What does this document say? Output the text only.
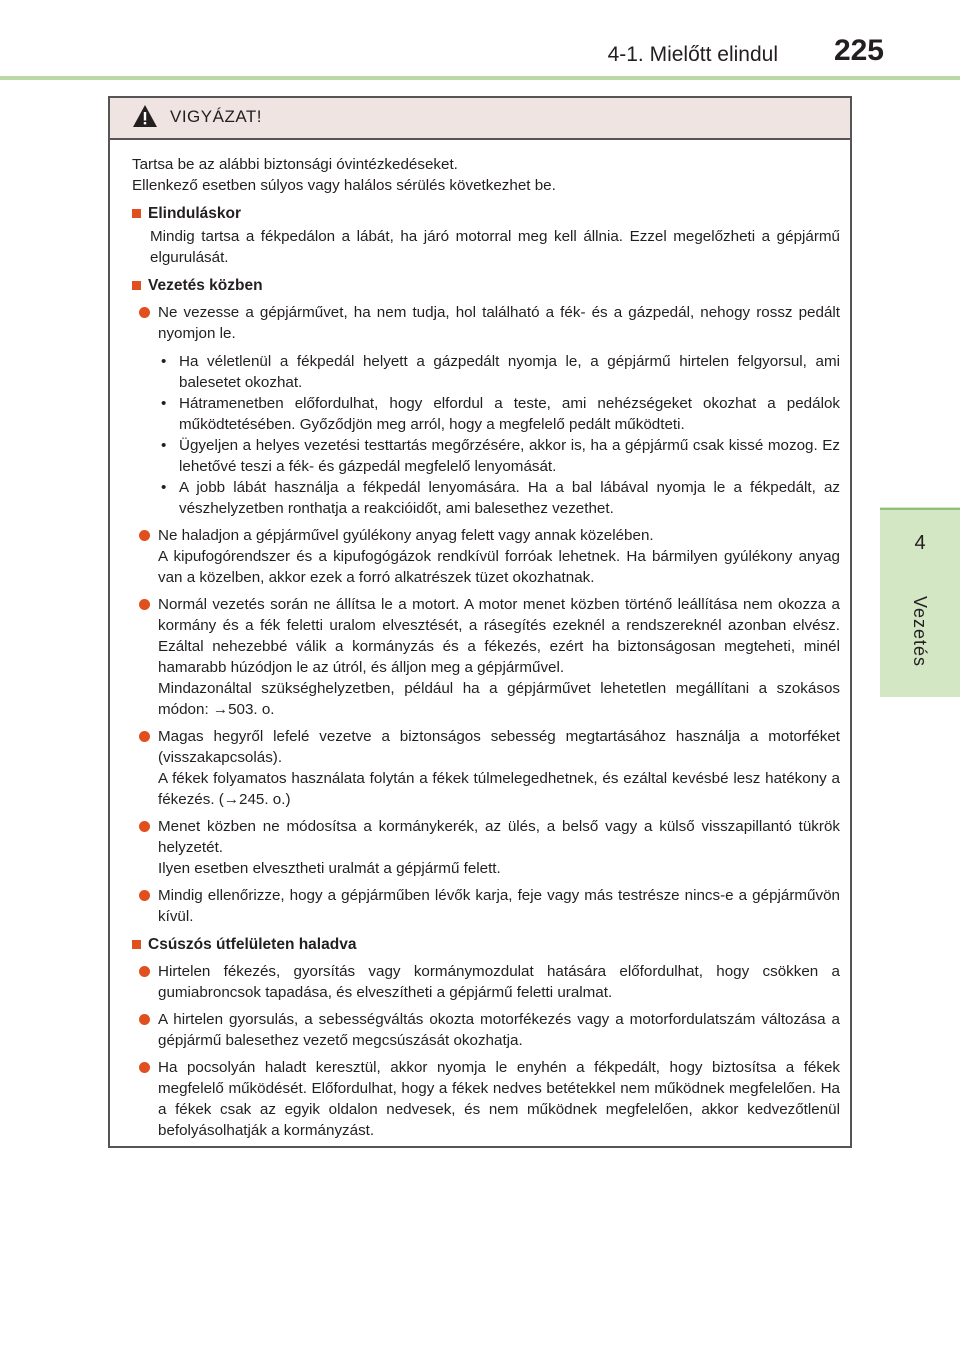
4-1. Mielőtt elindul 225
4
Vezetés
VIGYÁZAT!

Tartsa be az alábbi biztonsági óvintézkedéseket.

Ellenkező esetben súlyos vagy halálos sérülés következhet be.

Elinduláskor
Mindig tartsa a fékpedálon a lábát, ha járó motorral meg kell állnia. Ezzel megelőzheti a gépjármű elgurulását.
Vezetés közben

Ne vezesse a gépjárművet, ha nem tudja, hol található a fék- és a gázpedál, nehogy rossz pedált nyomjon le.

• Ha véletlenül a fékpedál helyett a gázpedált nyomja le, a gépjármű hirtelen felgyorsul, ami balesetet okozhat.
• Hátramenetben előfordulhat, hogy elfordul a teste, ami nehézségeket okozhat a pedálok működtetésében. Győződjön meg arról, hogy a megfelelő pedált működteti.
• Ügyeljen a helyes vezetési testtartás megőrzésére, akkor is, ha a gépjármű csak kissé mozog. Ez lehetővé teszi a fék- és gázpedál megfelelő lenyomását.
• A jobb lábát használja a fékpedál lenyomására. Ha a bal lábával nyomja le a fékpedált, az vészhelyzetben ronthatja a reakcióidőt, ami balesethez vezethet.

Ne haladjon a gépjárművel gyúlékony anyag felett vagy annak közelében.

A kipufogórendszer és a kipufogógázok rendkívül forróak lehetnek. Ha bármilyen gyúlékony anyag van a közelben, akkor ezek a forró alkatrészek tüzet okozhatnak.

Normál vezetés során ne állítsa le a motort. A motor menet közben történő leállítása nem okozza a kormány és a fék feletti uralom elvesztését, a rásegítés ezeknél a rendszereknél azonban elvész. Ezáltal nehezebbé válik a kormányzás és a fékezés, ezért ha biztonságosan megteheti, minél hamarabb húzódjon le az útról, és álljon meg a gépjárművel.

Mindazonáltal szükséghelyzetben, például ha a gépjárművet lehetetlen megállítani a szokásos módon: →503. o.

Magas hegyről lefelé vezetve a biztonságos sebesség megtartásához használja a motorféket (visszakapcsolás).

A fékek folyamatos használata folytán a fékek túlmelegedhetnek, és ezáltal kevésbé lesz hatékony a fékezés. (→245. o.)

Menet közben ne módosítsa a kormánykerék, az ülés, a belső vagy a külső visszapillantó tükrök helyzetét.

Ilyen esetben elvesztheti uralmát a gépjármű felett.

Mindig ellenőrizze, hogy a gépjárműben lévők karja, feje vagy más testrésze nincs-e a gépjárművön kívül.

Csúszós útfelületen haladva

Hirtelen fékezés, gyorsítás vagy kormánymozdulat hatására előfordulhat, hogy csökken a gumiabroncsok tapadása, és elveszítheti a gépjármű feletti uralmat.

A hirtelen gyorsulás, a sebességváltás okozta motorfékezés vagy a motorfordulatszám változása a gépjármű balesethez vezető megcsúszását okozhatja.

Ha pocsolyán haladt keresztül, akkor nyomja le enyhén a fékpedált, hogy biztosítsa a fékek megfelelő működését. Előfordulhat, hogy a fékek nedves betétekkel nem működnek megfelelően. Ha a fékek csak az egyik oldalon nedvesek, és nem működnek megfelelően, akkor kedvezőtlenül befolyásolhatják a kormányzást.
